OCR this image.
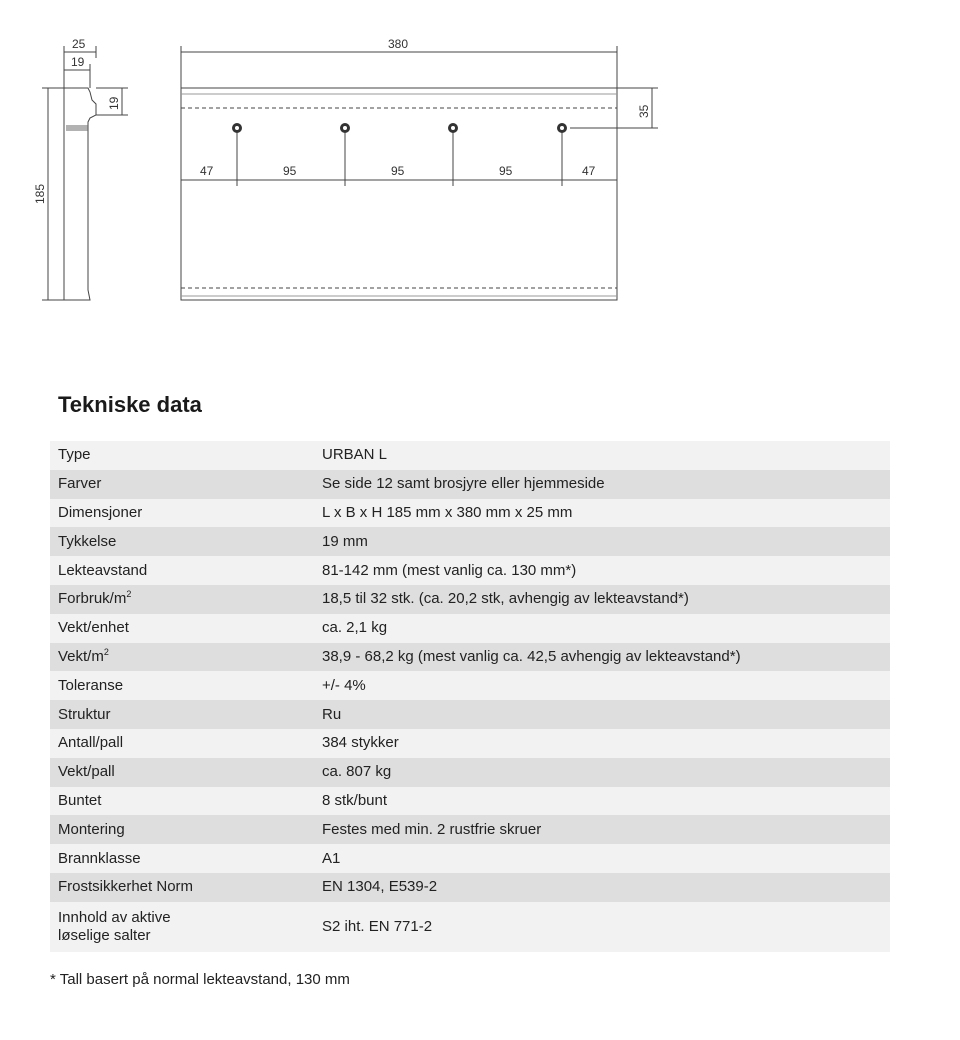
25
19
19
185
380
35
47	95	95	95	47
Tekniske data
Type	URBAN L
Farver	Se side 12 samt brosjyre eller hjemmeside
Dimensjoner	L x B x H 185 mm x 380 mm x 25 mm
Tykkelse	19 mm
Lekteavstand	81-142 mm (mest vanlig ca. 130 mm*)
Forbruk/$m^2$	18,5 til 32 stk. (ca. 20,2 stk, avhengig av lekteavstand*)
Vekt/enhet	ca. 2,1 kg
Vekt/$m^2$	38,9 - 68,2 kg (mest vanlig ca. 42,5 avhengig av lekteavstand*)
Toleranse	+/- 4%
Struktur	Ru
Antall/pall	384 stykker
Vekt/pall	ca. 807 kg
Buntet	8 stk/bunt
Montering	Festes med min. 2 rustfrie skruer
Brannklasse	A1
Frostsikkerhet Norm	EN 1304, E539-2

Innhold av aktive
løselige salter	S2 iht. EN 771-2
* Tall basert på normal lekteavstand, 130 mm
